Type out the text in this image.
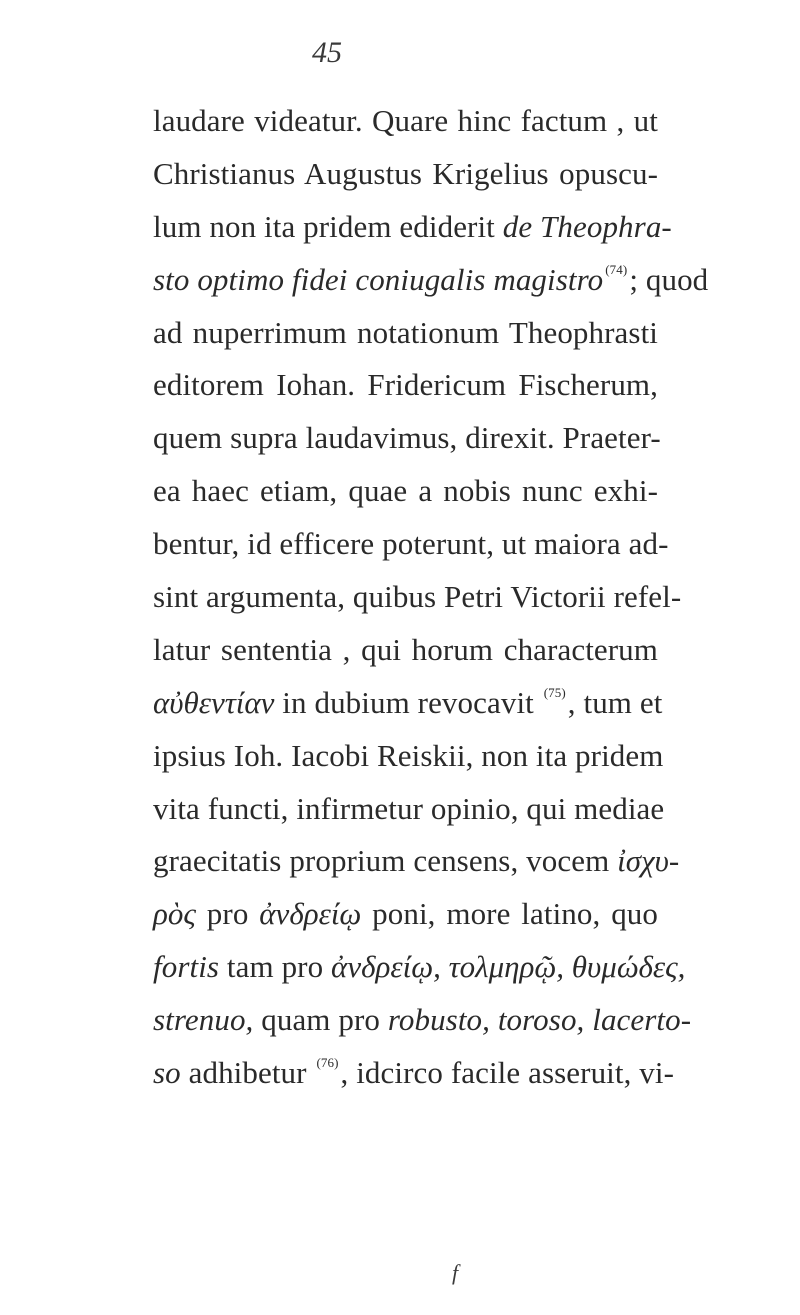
45
laudare videatur. Quare hinc factum , ut
Christianus Augustus Krigelius opuscu-
lum non ita pridem ediderit de Theophra-
sto optimo fidei coniugalis magistro $^{(74)}$; quod
ad nuperrimum notationum Theophrasti
editorem Iohan. Fridericum Fischerum,
quem supra laudavimus, direxit. Praeter-
ea haec etiam, quae a nobis nunc exhi-
bentur, id efficere poterunt, ut maiora ad-
sint argumenta, quibus Petri Victorii refel-
latur sententia , qui horum characterum
αὐθεντίαν in dubium revocavit $^{(75)}$, tum et
ipsius Ioh. Iacobi Reiskii, non ita pridem
vita functi, infirmetur opinio, qui mediae
graecitatis proprium censens, vocem ἰσχυ-
ρὸς pro ἀνδρείῳ poni, more latino, quo
fortis tam pro ἀνδρείῳ, τολμηρῷ, θυμώδες,
strenuo, quam pro robusto, toroso, lacerto-
so adhibetur $^{(76)}$, idcirco facile asseruit, vi-
f
